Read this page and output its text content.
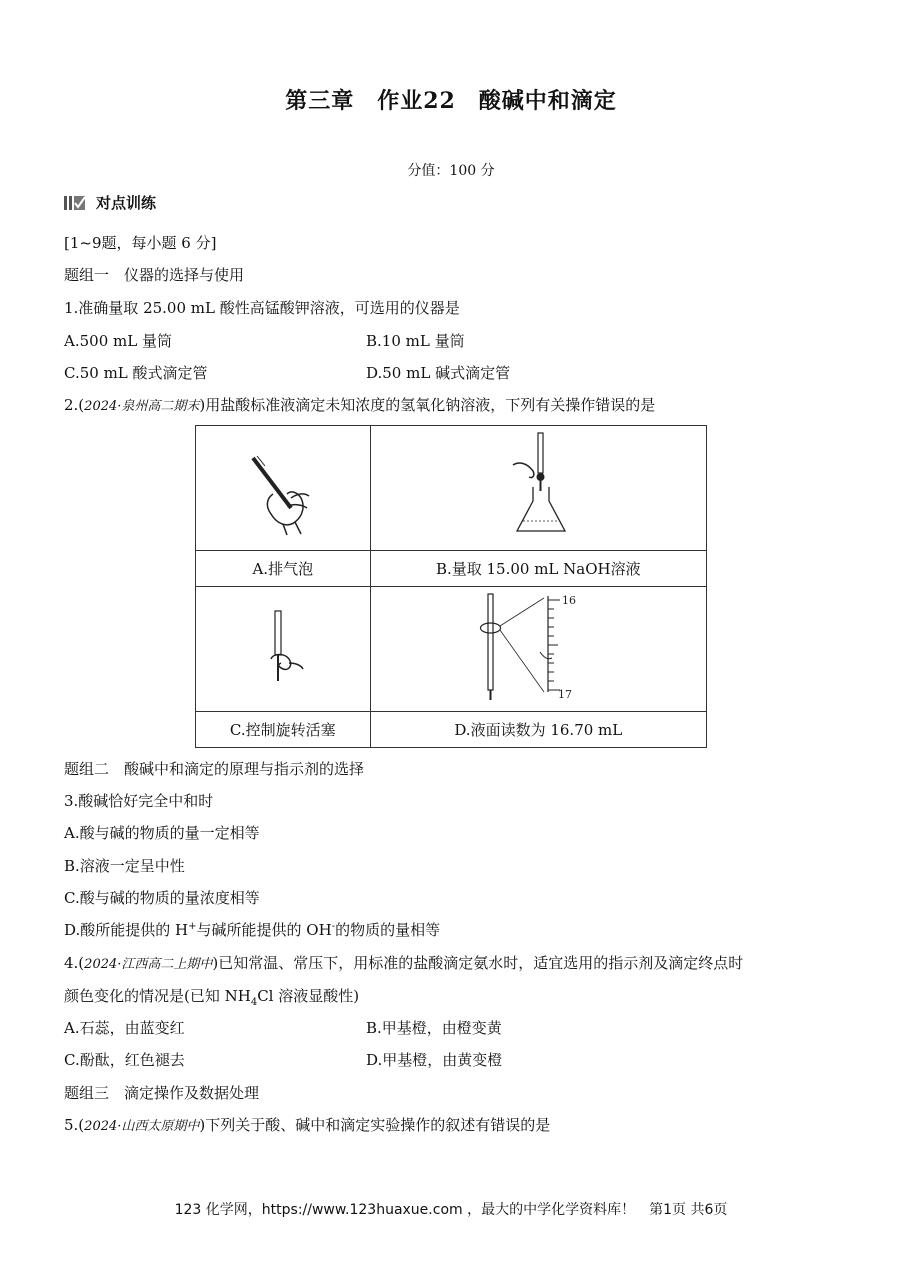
第三章　作业22　酸碱中和滴定
分值：100 分
对点训练
[1~9题，每小题 6 分]
题组一　仪器的选择与使用
1.准确量取 25.00 mL 酸性高锰酸钾溶液，可选用的仪器是
A.500 mL 量筒	B.10 mL 量筒
C.50 mL 酸式滴定管	D.50 mL 碱式滴定管
2.(2024·泉州高二期末)用盐酸标准液滴定未知浓度的氢氧化钠溶液，下列有关操作错误的是

A.排气泡	B.量取 15.00 mL NaOH溶液

16
17

C.控制旋转活塞	D.液面读数为 16.70 mL
题组二　酸碱中和滴定的原理与指示剂的选择
3.酸碱恰好完全中和时
A.酸与碱的物质的量一定相等
B.溶液一定呈中性
C.酸与碱的物质的量浓度相等
D.酸所能提供的 H+与碱所能提供的 OH-的物质的量相等
4.(2024·江西高二上期中)已知常温、常压下，用标准的盐酸滴定氨水时，适宜选用的指示剂及滴定终点时
颜色变化的情况是(已知 $NH_4Cl$ 溶液显酸性)
A.石蕊，由蓝变红	B.甲基橙，由橙变黄
C.酚酞，红色褪去	D.甲基橙，由黄变橙
题组三　滴定操作及数据处理
5.(2024·山西太原期中)下列关于酸、碱中和滴定实验操作的叙述有错误的是
123 化学网，https://www.123huaxue.com ，最大的中学化学资料库！　第1页 共6页
